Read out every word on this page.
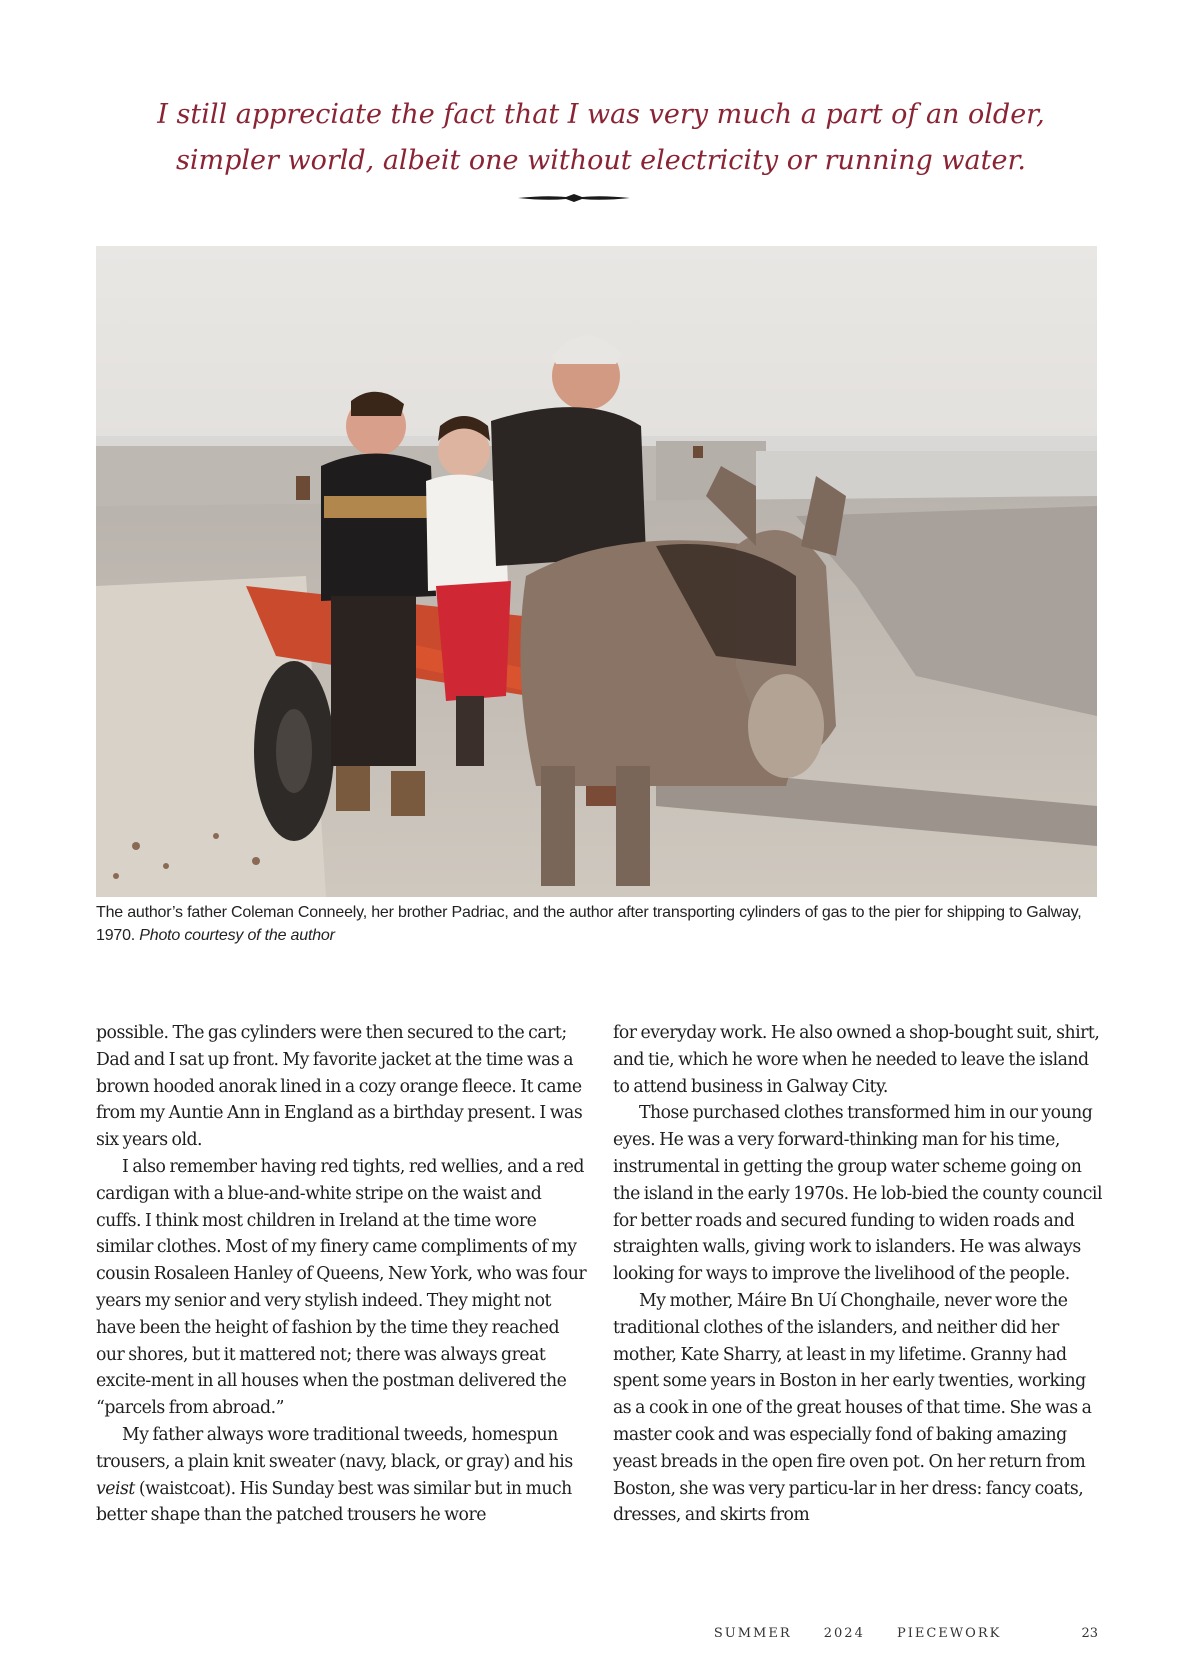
I still appreciate the fact that I was very much a part of an older,
simpler world, albeit one without electricity or running water.

The author’s father Coleman Conneely, her brother Padriac, and the author after transporting cylinders of gas to the pier for shipping to Galway, 1970. Photo courtesy of the author

possible. The gas cylinders were then secured to the cart; Dad and I sat up front. My favorite jacket at the time was a brown hooded anorak lined in a cozy orange fleece. It came from my Auntie Ann in England as a birthday present. I was six years old.

I also remember having red tights, red wellies, and a red cardigan with a blue-and-white stripe on the waist and cuffs. I think most children in Ireland at the time wore similar clothes. Most of my finery came compliments of my cousin Rosaleen Hanley of Queens, New York, who was four years my senior and very stylish indeed. They might not have been the height of fashion by the time they reached our shores, but it mattered not; there was always great excite-ment in all houses when the postman delivered the “parcels from abroad.”

My father always wore traditional tweeds, homespun trousers, a plain knit sweater (navy, black, or gray) and his veist (waistcoat). His Sunday best was similar but in much better shape than the patched trousers he wore

for everyday work. He also owned a shop-bought suit, shirt, and tie, which he wore when he needed to leave the island to attend business in Galway City.

Those purchased clothes transformed him in our young eyes. He was a very forward-thinking man for his time, instrumental in getting the group water scheme going on the island in the early 1970s. He lob-bied the county council for better roads and secured funding to widen roads and straighten walls, giving work to islanders. He was always looking for ways to improve the livelihood of the people.

My mother, Máire Bn Uí Chonghaile, never wore the traditional clothes of the islanders, and neither did her mother, Kate Sharry, at least in my lifetime. Granny had spent some years in Boston in her early twenties, working as a cook in one of the great houses of that time. She was a master cook and was especially fond of baking amazing yeast breads in the open fire oven pot. On her return from Boston, she was very particu-lar in her dress: fancy coats, dresses, and skirts from

SUMMER 2024 PIECEWORK	23
